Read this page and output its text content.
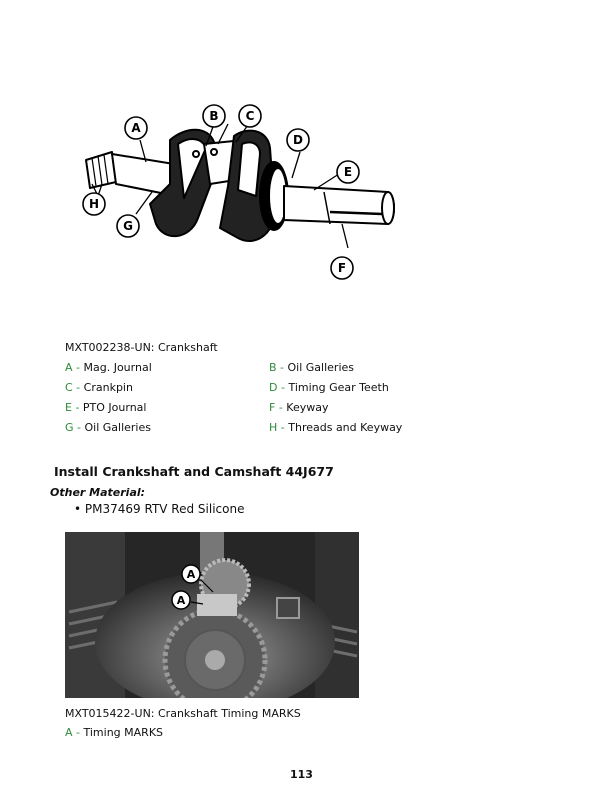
A
B C
D
E
F
G
H
MXT002238-UN: Crankshaft
A - Mag. Journal	B - Oil Galleries
C - Crankpin	D - Timing Gear Teeth
E - PTO Journal	F - Keyway
G - Oil Galleries	H - Threads and Keyway
Install Crankshaft and Camshaft 44J677
Other Material:
• PM37469 RTV Red Silicone
A
A
MXT015422-UN: Crankshaft Timing MARKS
A - Timing MARKS
113
